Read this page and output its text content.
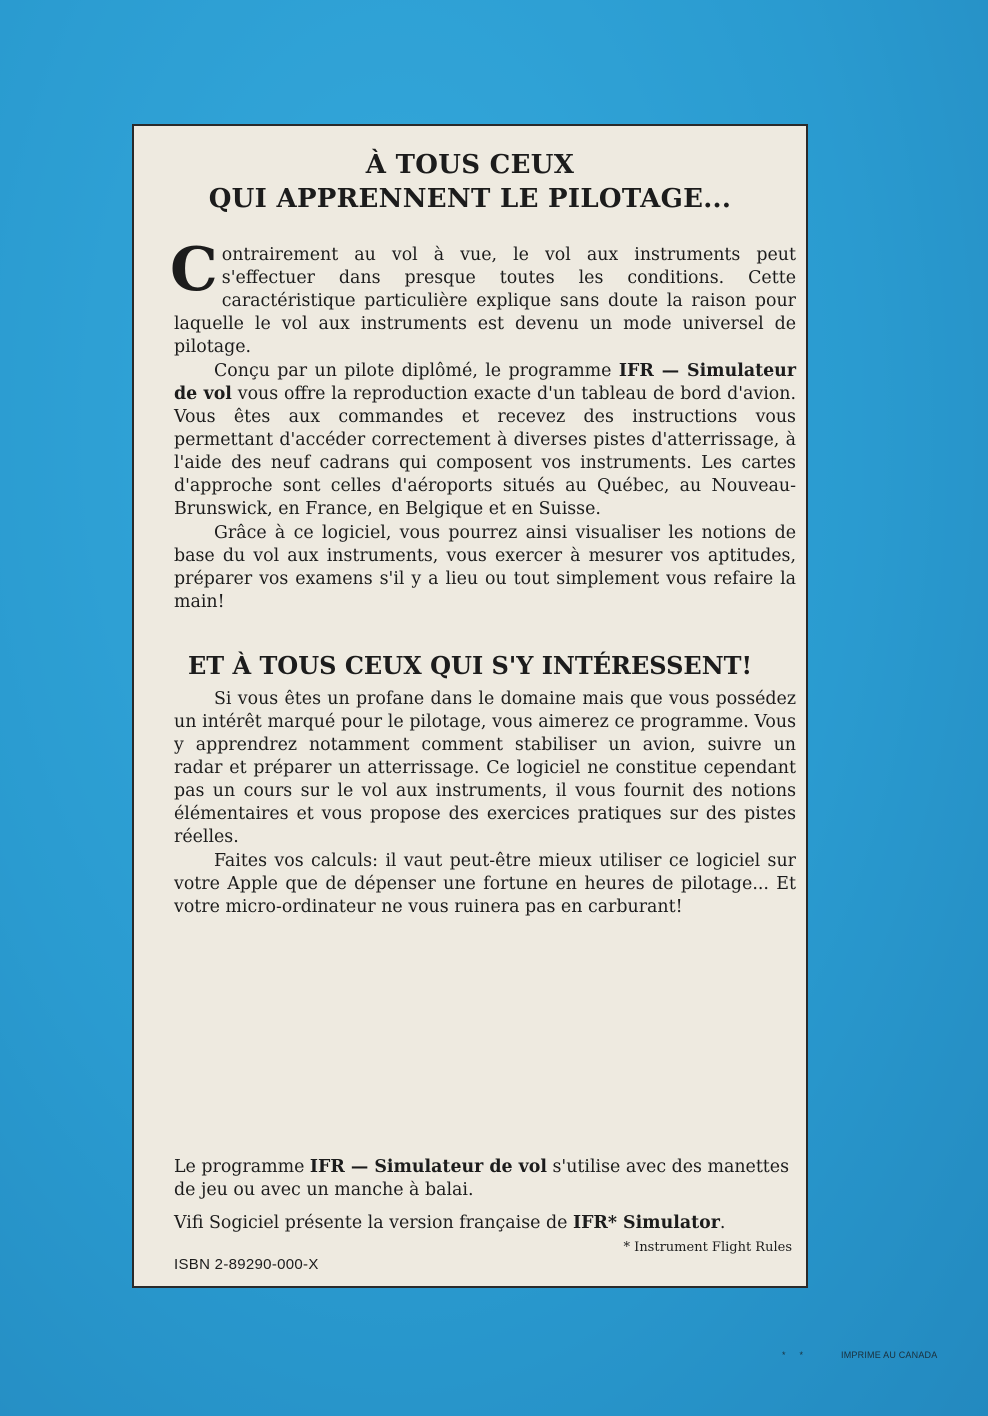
À TOUS CEUX
QUI APPRENNENT LE PILOTAGE...

Contrairement au vol à vue, le vol aux instruments peut s'effectuer dans presque toutes les conditions. Cette caractéristique particulière explique sans doute la raison pour laquelle le vol aux instruments est devenu un mode universel de pilotage.

Conçu par un pilote diplômé, le programme IFR — Simulateur de vol vous offre la reproduction exacte d'un tableau de bord d'avion. Vous êtes aux commandes et recevez des instructions vous permettant d'accéder correctement à diverses pistes d'atterrissage, à l'aide des neuf cadrans qui composent vos instruments. Les cartes d'approche sont celles d'aéroports situés au Québec, au Nouveau-Brunswick, en France, en Belgique et en Suisse.

Grâce à ce logiciel, vous pourrez ainsi visualiser les notions de base du vol aux instruments, vous exercer à mesurer vos aptitudes, préparer vos examens s'il y a lieu ou tout simplement vous refaire la main!

ET À TOUS CEUX QUI S'Y INTÉRESSENT!

Si vous êtes un profane dans le domaine mais que vous possédez un intérêt marqué pour le pilotage, vous aimerez ce programme. Vous y apprendrez notamment comment stabiliser un avion, suivre un radar et préparer un atterrissage. Ce logiciel ne constitue cependant pas un cours sur le vol aux instruments, il vous fournit des notions élémentaires et vous propose des exercices pratiques sur des pistes réelles.

Faites vos calculs: il vaut peut-être mieux utiliser ce logiciel sur votre Apple que de dépenser une fortune en heures de pilotage... Et votre micro-ordinateur ne vous ruinera pas en carburant!

Le programme IFR — Simulateur de vol s'utilise avec des manettes de jeu ou avec un manche à balai.
Vifi Sogiciel présente la version française de IFR* Simulator.
* Instrument Flight Rules
ISBN 2-89290-000-X
**	IMPRIME AU CANADA
